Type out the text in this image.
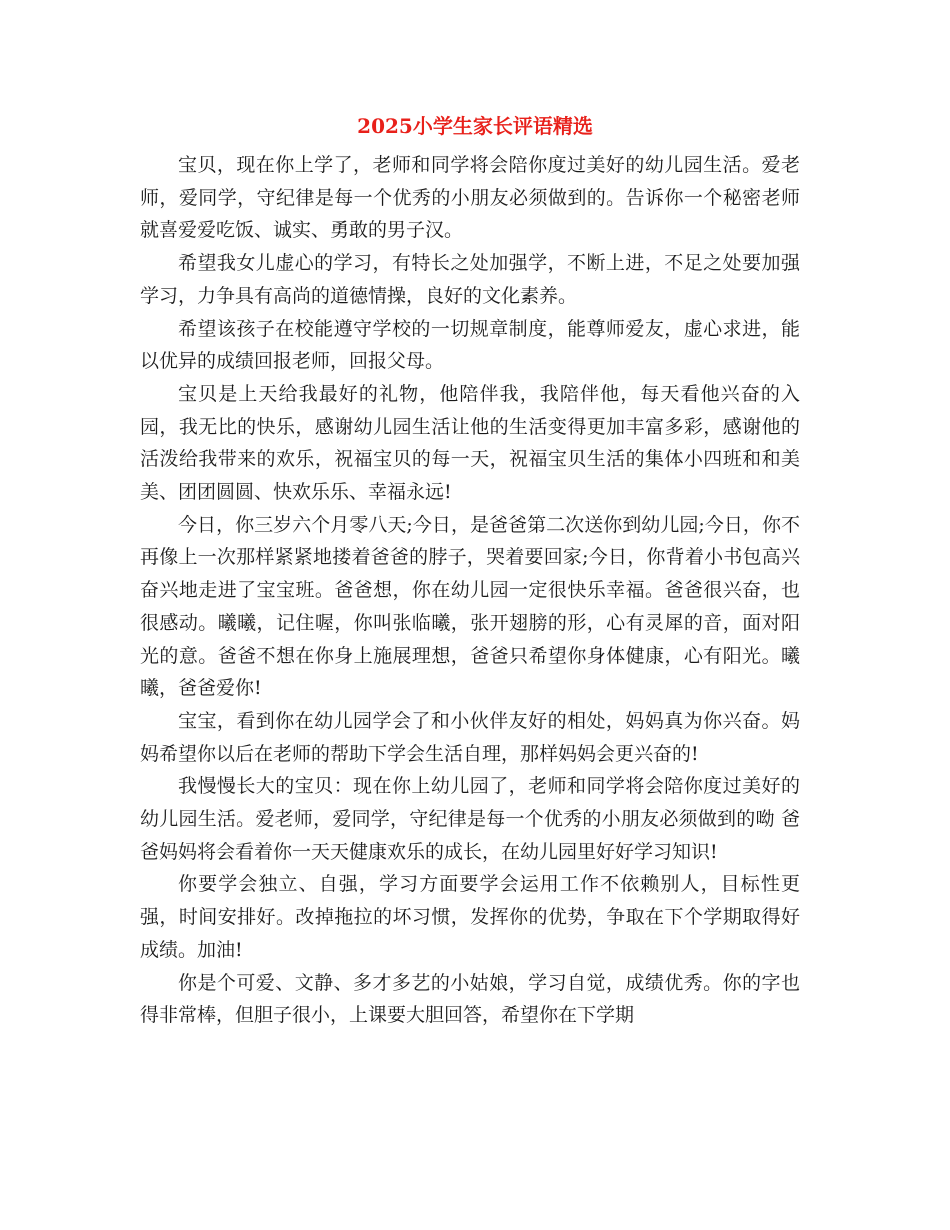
2025小学生家长评语精选

宝贝，现在你上学了，老师和同学将会陪你度过美好的幼儿园生活。爱老师，爱同学，守纪律是每一个优秀的小朋友必须做到的。告诉你一个秘密老师就喜爱爱吃饭、诚实、勇敢的男子汉。

希望我女儿虚心的学习，有特长之处加强学，不断上进，不足之处要加强学习，力争具有高尚的道德情操，良好的文化素养。

希望该孩子在校能遵守学校的一切规章制度，能尊师爱友，虚心求进，能以优异的成绩回报老师，回报父母。

宝贝是上天给我最好的礼物，他陪伴我，我陪伴他，每天看他兴奋的入园，我无比的快乐，感谢幼儿园生活让他的生活变得更加丰富多彩，感谢他的活泼给我带来的欢乐，祝福宝贝的每一天，祝福宝贝生活的集体小四班和和美美、团团圆圆、快欢乐乐、幸福永远!

今日，你三岁六个月零八天;今日，是爸爸第二次送你到幼儿园;今日，你不再像上一次那样紧紧地搂着爸爸的脖子，哭着要回家;今日，你背着小书包高兴奋兴地走进了宝宝班。爸爸想，你在幼儿园一定很快乐幸福。爸爸很兴奋，也很感动。曦曦，记住喔，你叫张临曦，张开翅膀的形，心有灵犀的音，面对阳光的意。爸爸不想在你身上施展理想，爸爸只希望你身体健康，心有阳光。曦曦，爸爸爱你!

宝宝，看到你在幼儿园学会了和小伙伴友好的相处，妈妈真为你兴奋。妈妈希望你以后在老师的帮助下学会生活自理，那样妈妈会更兴奋的!

我慢慢长大的宝贝：现在你上幼儿园了，老师和同学将会陪你度过美好的幼儿园生活。爱老师，爱同学，守纪律是每一个优秀的小朋友必须做到的呦 爸爸妈妈将会看着你一天天健康欢乐的成长，在幼儿园里好好学习知识!

你要学会独立、自强，学习方面要学会运用工作不依赖别人，目标性更强，时间安排好。改掉拖拉的坏习惯，发挥你的优势，争取在下个学期取得好成绩。加油!

你是个可爱、文静、多才多艺的小姑娘，学习自觉，成绩优秀。你的字也得非常棒，但胆子很小，上课要大胆回答，希望你在下学期
